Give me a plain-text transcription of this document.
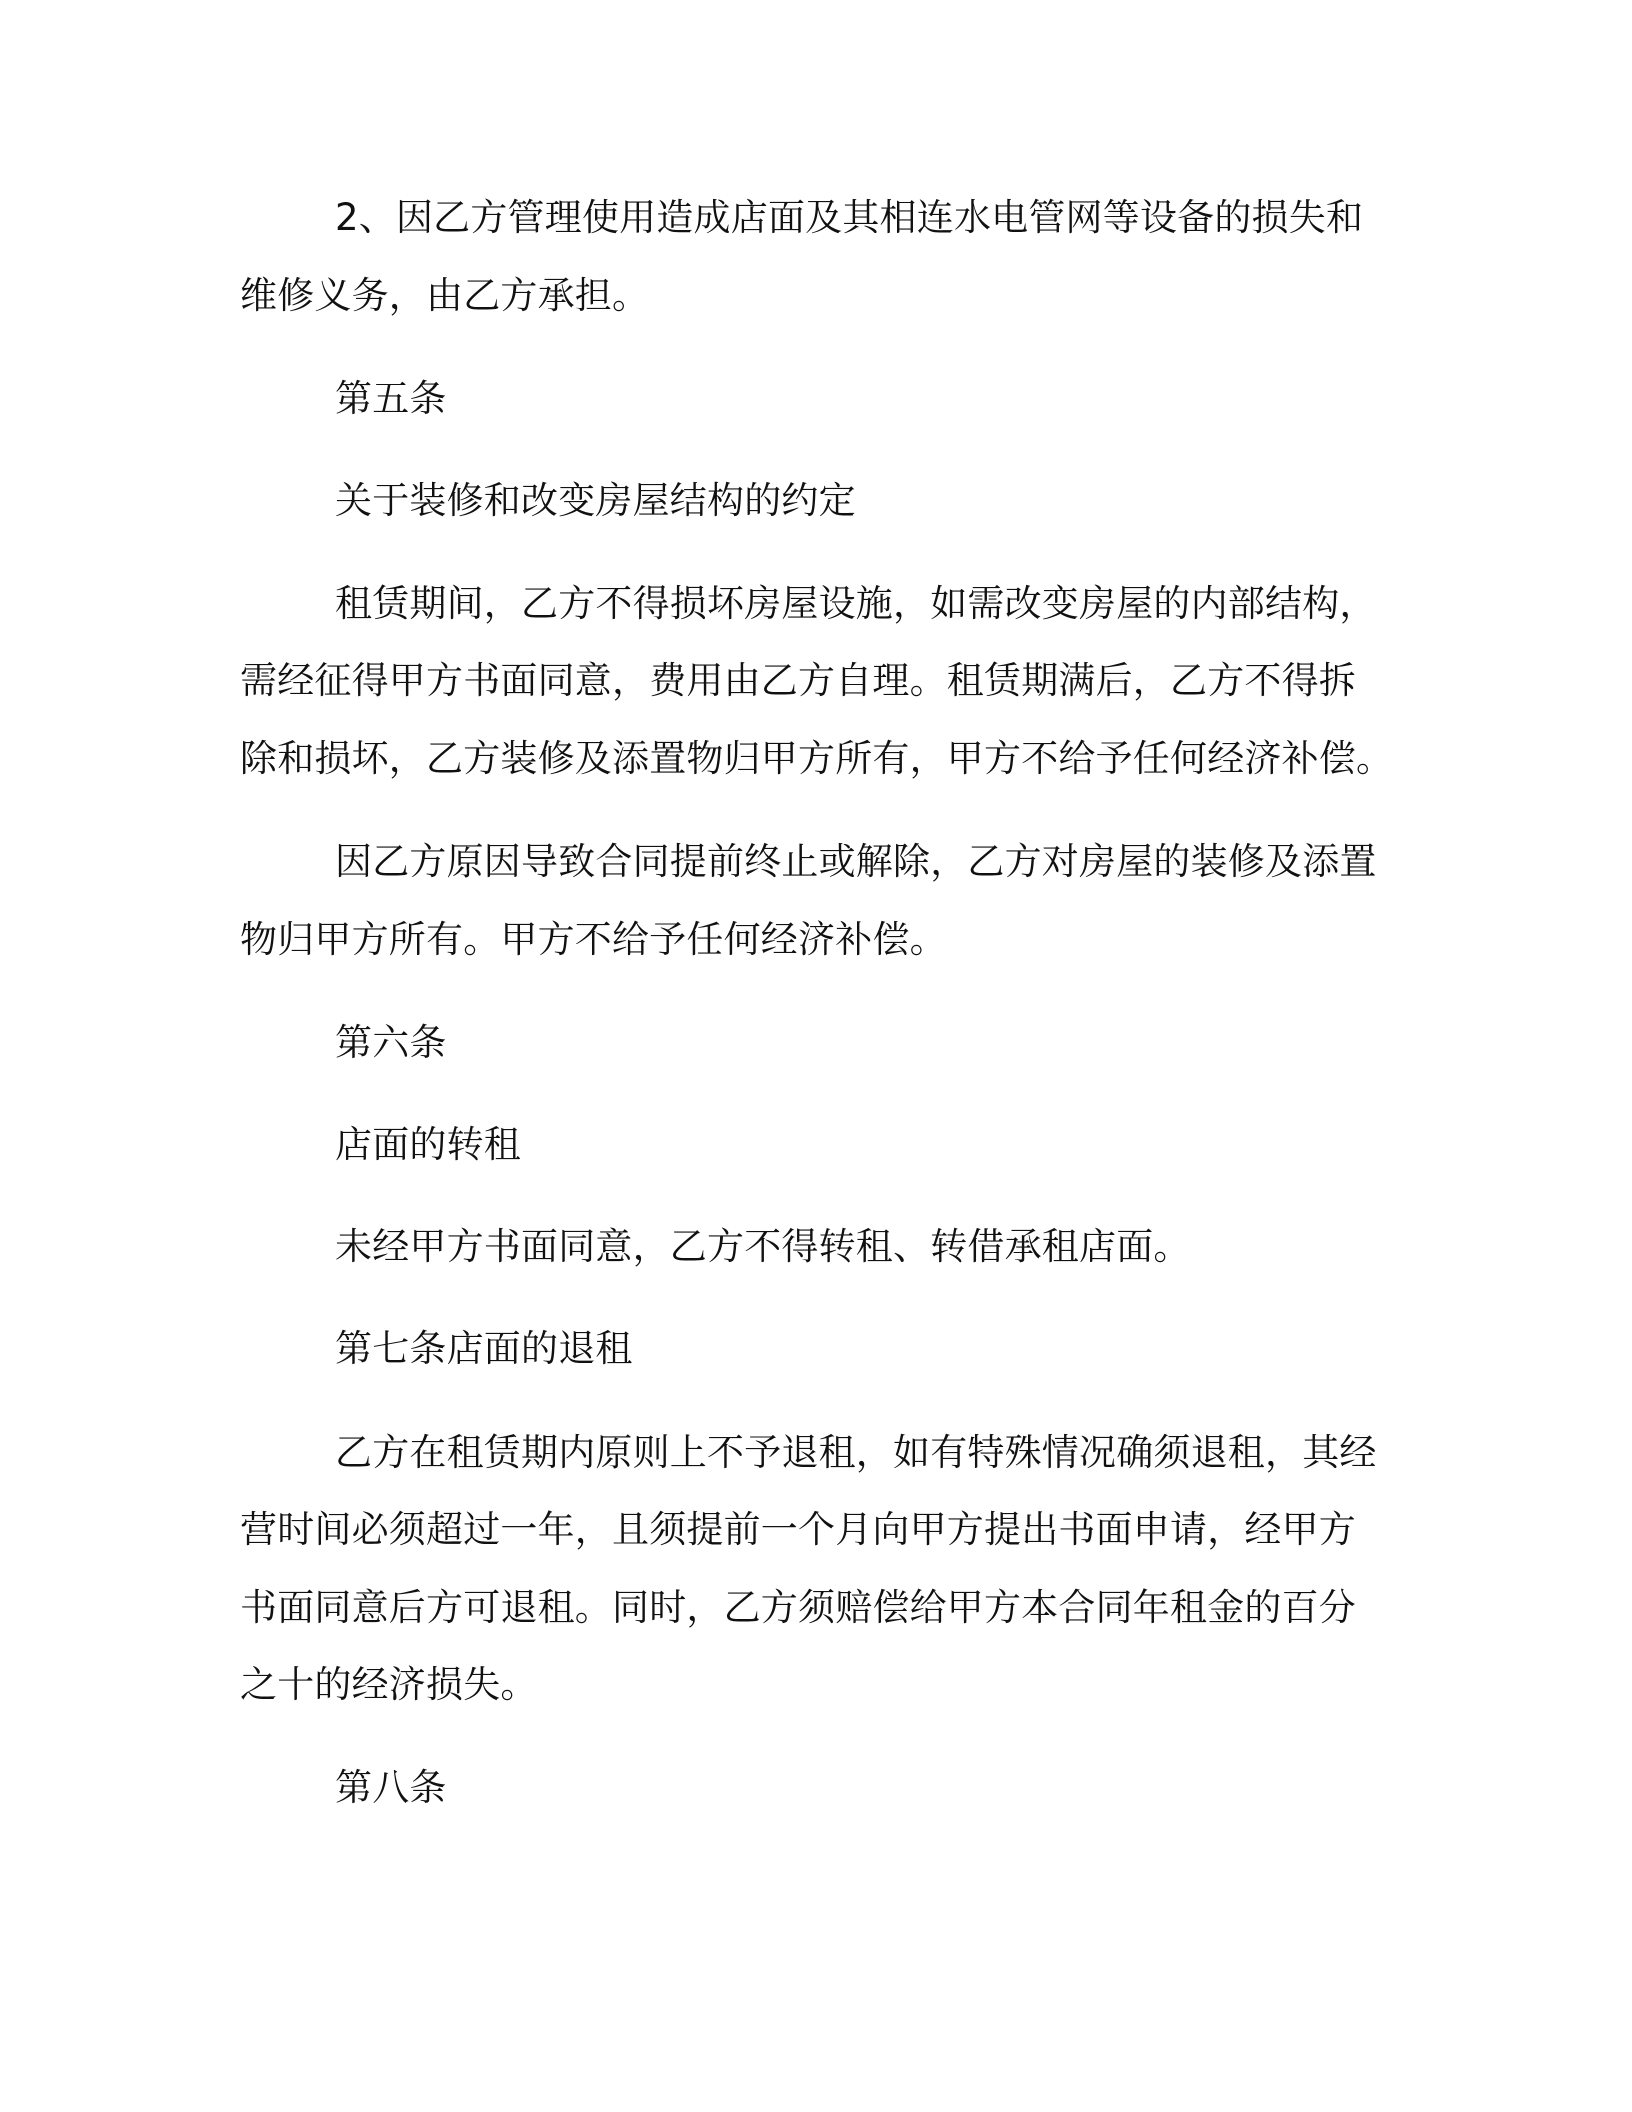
2、因乙方管理使用造成店面及其相连水电管网等设备的损失和
维修义务，由乙方承担。
第五条
关于装修和改变房屋结构的约定
租赁期间，乙方不得损坏房屋设施，如需改变房屋的内部结构，
需经征得甲方书面同意，费用由乙方自理。租赁期满后，乙方不得拆
除和损坏，乙方装修及添置物归甲方所有，甲方不给予任何经济补偿。
因乙方原因导致合同提前终止或解除，乙方对房屋的装修及添置
物归甲方所有。甲方不给予任何经济补偿。
第六条
店面的转租
未经甲方书面同意，乙方不得转租、转借承租店面。
第七条店面的退租
乙方在租赁期内原则上不予退租，如有特殊情况确须退租，其经
营时间必须超过一年，且须提前一个月向甲方提出书面申请，经甲方
书面同意后方可退租。同时，乙方须赔偿给甲方本合同年租金的百分
之十的经济损失。
第八条
